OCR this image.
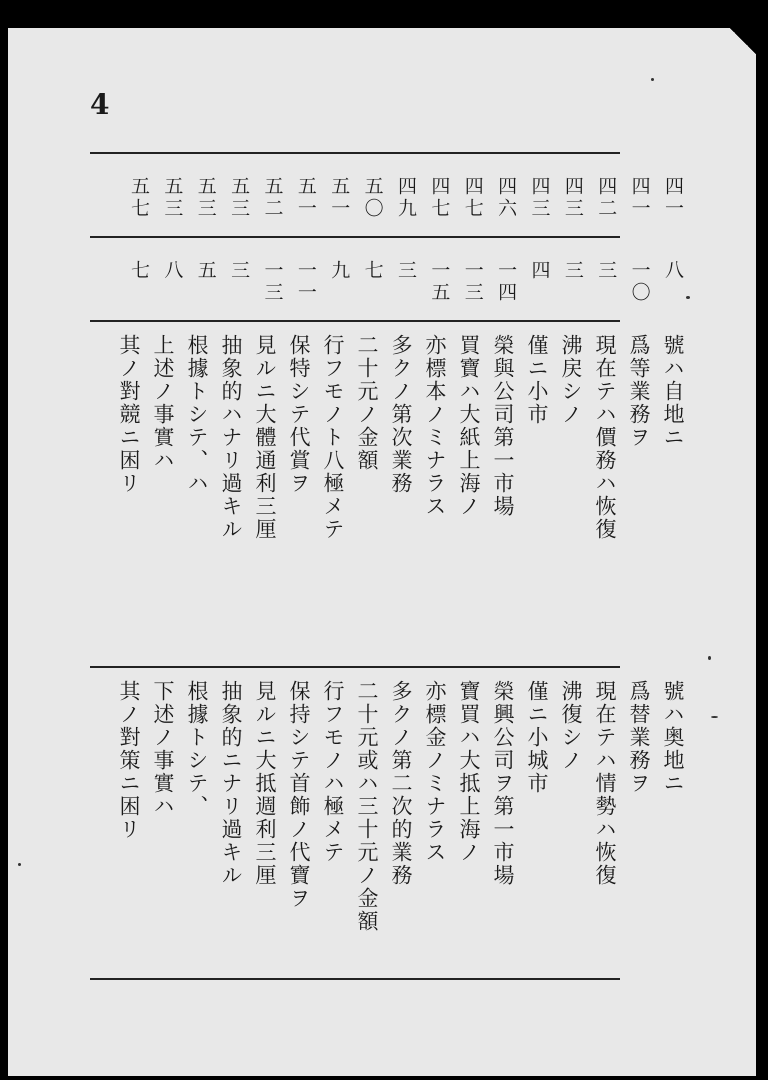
4
四一
四一
四二
四三
四三
四六
四七
四七
四九
五〇
五一
五一
五二
五三
五三
五三
五七
八
一〇
三
三
四
一四
一三
一五
三
七
九
一一
一三
三
五
八
七
號ハ自地ニ
爲等業務ヲ
現在テハ價務ハ恢復
沸戻シノ
僅ニ小市
榮與公司第一市場
買寶ハ大紙上海ノ
亦標本ノミナラス
多クノ第次業務
二十元ノ金額
行フモノト八極メテ
保特シテ代賞ヲ
見ルニ大體通利三厘
抽象的ハナリ過キル
根據トシテ、ハ
上述ノ事實ハ
其ノ對競ニ困リ
號ハ奥地ニ
爲替業務ヲ
現在テハ情勢ハ恢復
沸復シノ
僅ニ小城市
榮興公司ヲ第一市場
寶買ハ大抵上海ノ
亦標金ノミナラス
多クノ第二次的業務
二十元或ハ三十元ノ金額
行フモノハ極メテ
保持シテ首飾ノ代寶ヲ
見ルニ大抵週利三厘
抽象的ニナリ過キル
根據トシテ、
下述ノ事實ハ
其ノ對策ニ困リ
